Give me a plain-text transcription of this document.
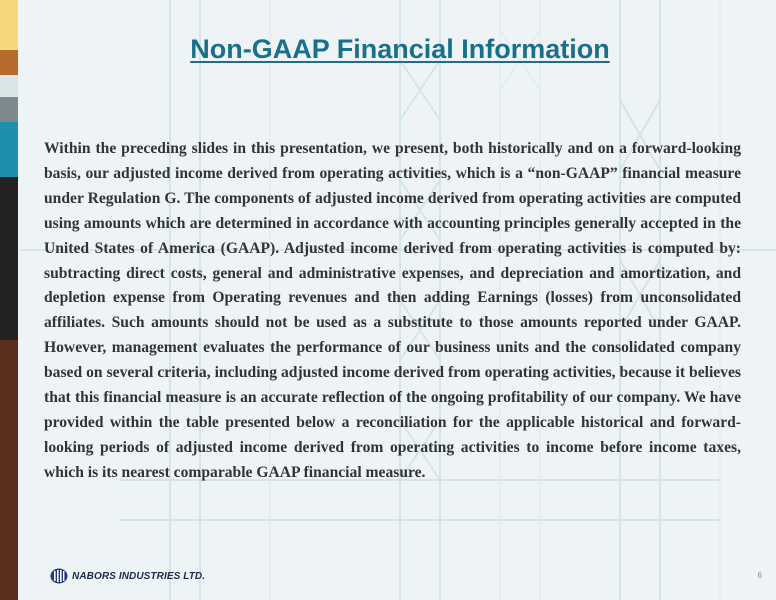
Non-GAAP Financial Information

Within the preceding slides in this presentation, we present, both historically and on a forward-looking basis, our adjusted income derived from operating activities, which is a “non-GAAP” financial measure under Regulation G. The components of adjusted income derived from operating activities are computed using amounts which are determined in accordance with accounting principles generally accepted in the United States of America (GAAP). Adjusted income derived from operating activities is computed by: subtracting direct costs, general and administrative expenses, and depreciation and amortization, and depletion expense from Operating revenues and then adding Earnings (losses) from unconsolidated affiliates. Such amounts should not be used as a substitute to those amounts reported under GAAP. However, management evaluates the performance of our business units and the consolidated company based on several criteria, including adjusted income derived from operating activities, because it believes that this financial measure is an accurate reflection of the ongoing profitability of our company. We have provided within the table presented below a reconciliation for the applicable historical and forward-looking periods of adjusted income derived from operating activities to income before income taxes, which is its nearest comparable GAAP financial measure.

NABORS INDUSTRIES LTD.	6
